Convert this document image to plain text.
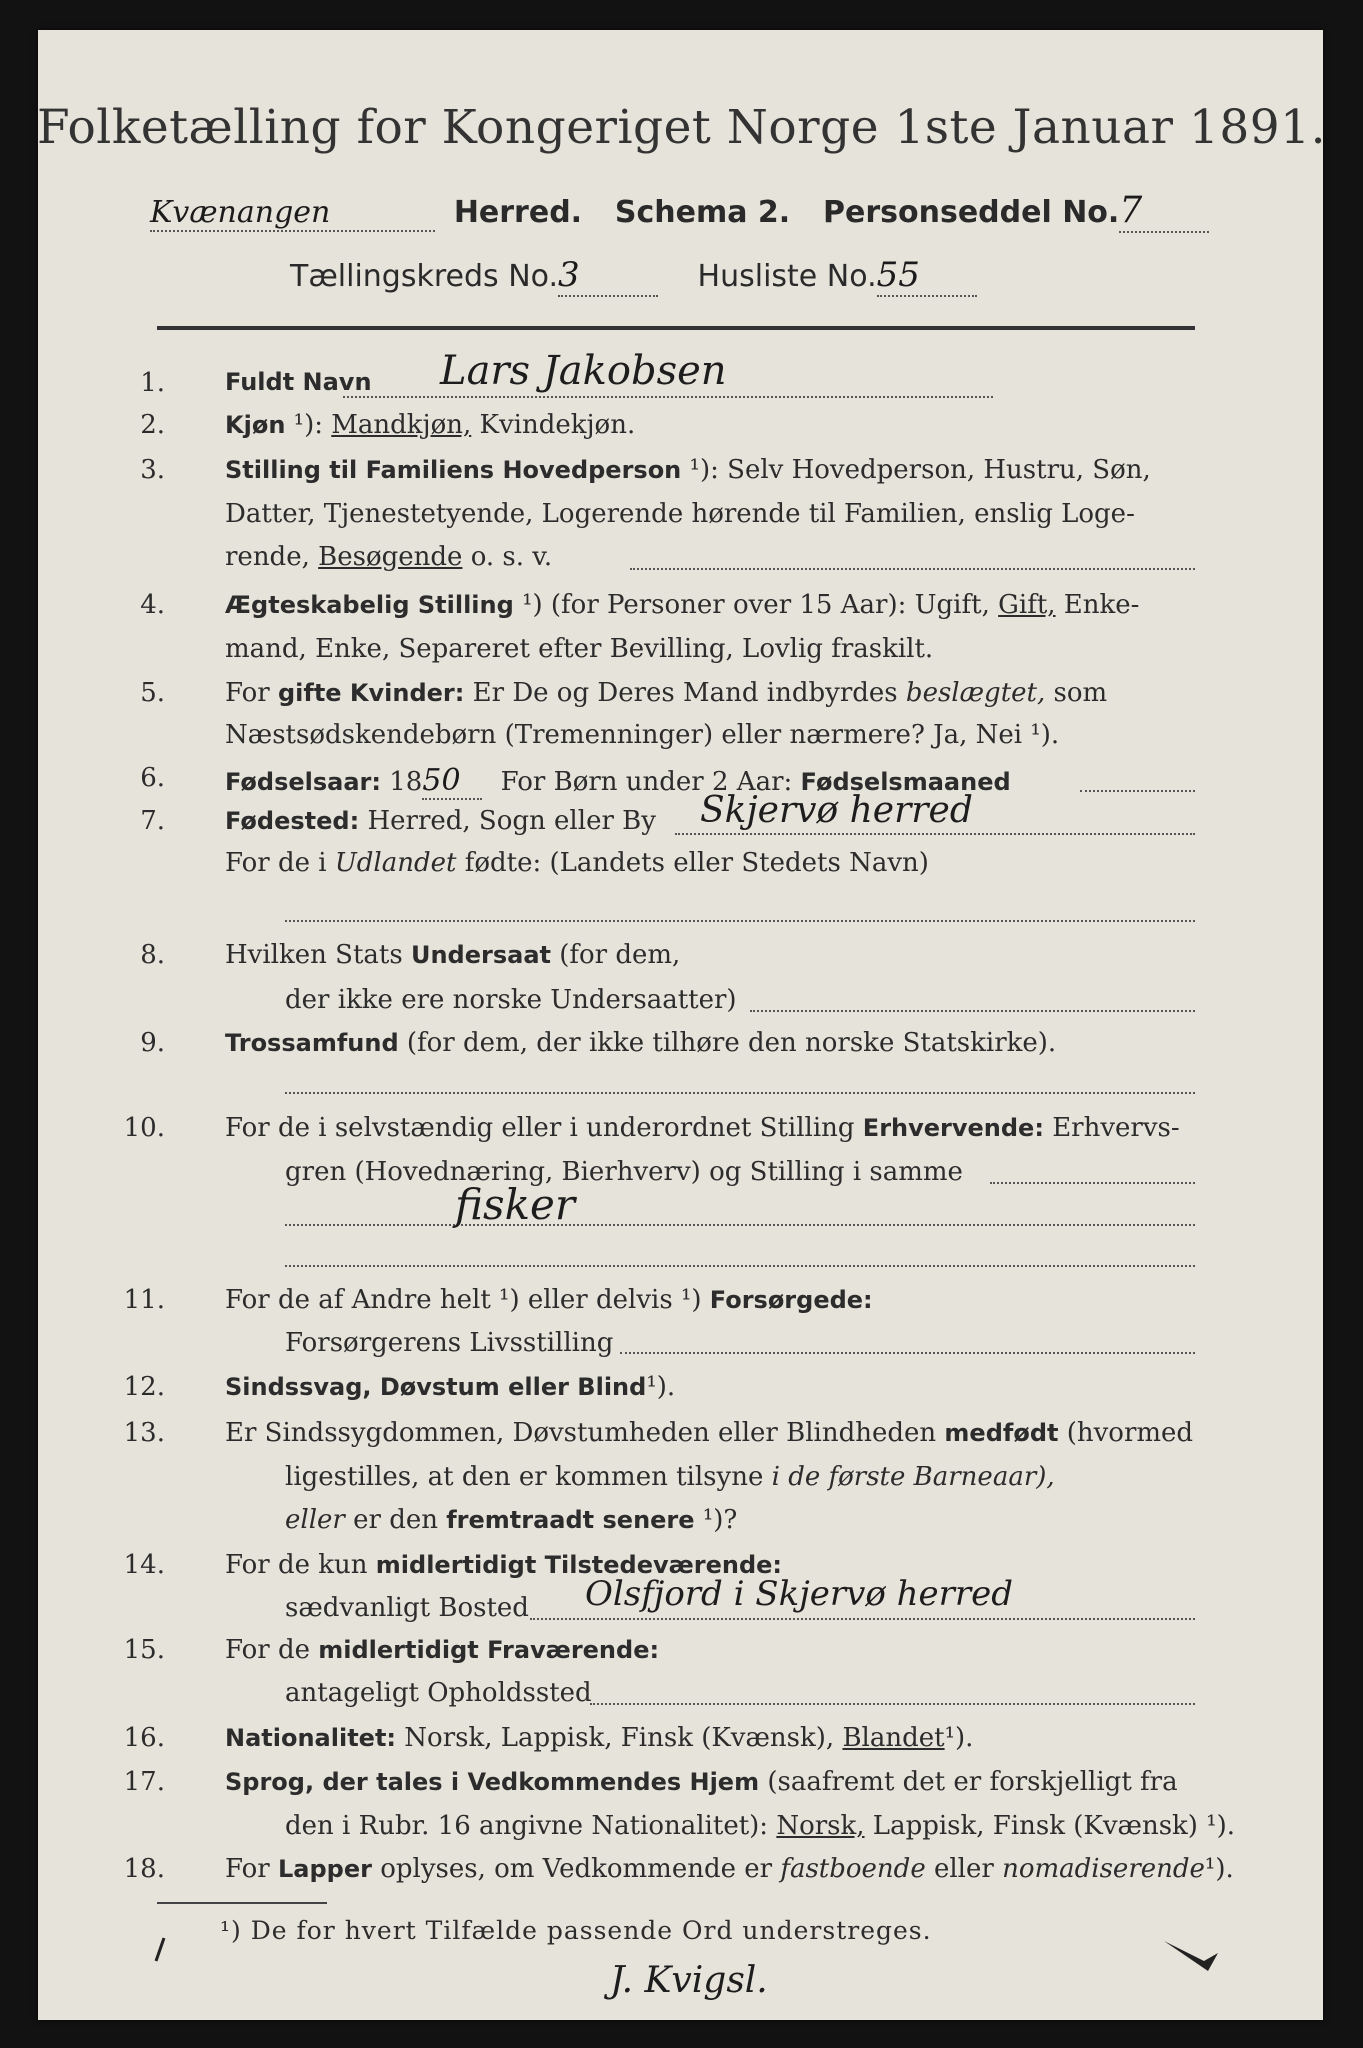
Folketælling for Kongeriget Norge 1ste Januar 1891.
Kvænangen	Herred. Schema 2. Personseddel No.7
Tællingskreds No.3	Husliste No.55
1.	Fuldt Navn Lars Jakobsen
2.	Kjøn ¹): Mandkjøn, Kvindekjøn.
3.	Stilling til Familiens Hovedperson ¹): Selv Hovedperson, Hustru, Søn,
Datter, Tjenestetyende, Logerende hørende til Familien, enslig Loge-
rende, Besøgende o. s. v.
4.	Ægteskabelig Stilling ¹) (for Personer over 15 Aar): Ugift, Gift, Enke-
mand, Enke, Separeret efter Bevilling, Lovlig fraskilt.
5. For gifte Kvinder: Er De og Deres Mand indbyrdes beslægtet, som
Næstsødskendebørn (Tremenninger) eller nærmere? Ja, Nei ¹).
6.	Fødselsaar: 1850 For Børn under 2 Aar: Fødselsmaaned
7.	Fødested: Herred, Sogn eller By Skjervø herred
For de i Udlandet fødte: (Landets eller Stedets Navn)
8. Hvilken Stats Undersaat (for dem,
der ikke ere norske Undersaatter)
9.	Trossamfund (for dem, der ikke tilhøre den norske Statskirke).
10. For de i selvstændig eller i underordnet Stilling Erhvervende: Erhvervs-
gren (Hovednæring, Bierhverv) og Stilling i samme
fisker
11. For de af Andre helt ¹) eller delvis ¹) Forsørgede:
Forsørgerens Livsstilling
12.	Sindssvag, Døvstum eller Blind¹).
13. Er Sindssygdommen, Døvstumheden eller Blindheden medfødt (hvormed
ligestilles, at den er kommen tilsyne i de første Barneaar),
eller er den fremtraadt senere ¹)?
14. For de kun midlertidigt Tilstedeværende:
sædvanligt Bosted Olsfjord i Skjervø herred
15. For de midlertidigt Fraværende:
antageligt Opholdssted
16.	Nationalitet: Norsk, Lappisk, Finsk (Kvænsk), Blandet¹).
17.	Sprog, der tales i Vedkommendes Hjem (saafremt det er forskjelligt fra
den i Rubr. 16 angivne Nationalitet): Norsk, Lappisk, Finsk (Kvænsk) ¹).
18. For Lapper oplyses, om Vedkommende er fastboende eller nomadiserende¹).
¹) De for hvert Tilfælde passende Ord understreges.
J. Kvigsl.
